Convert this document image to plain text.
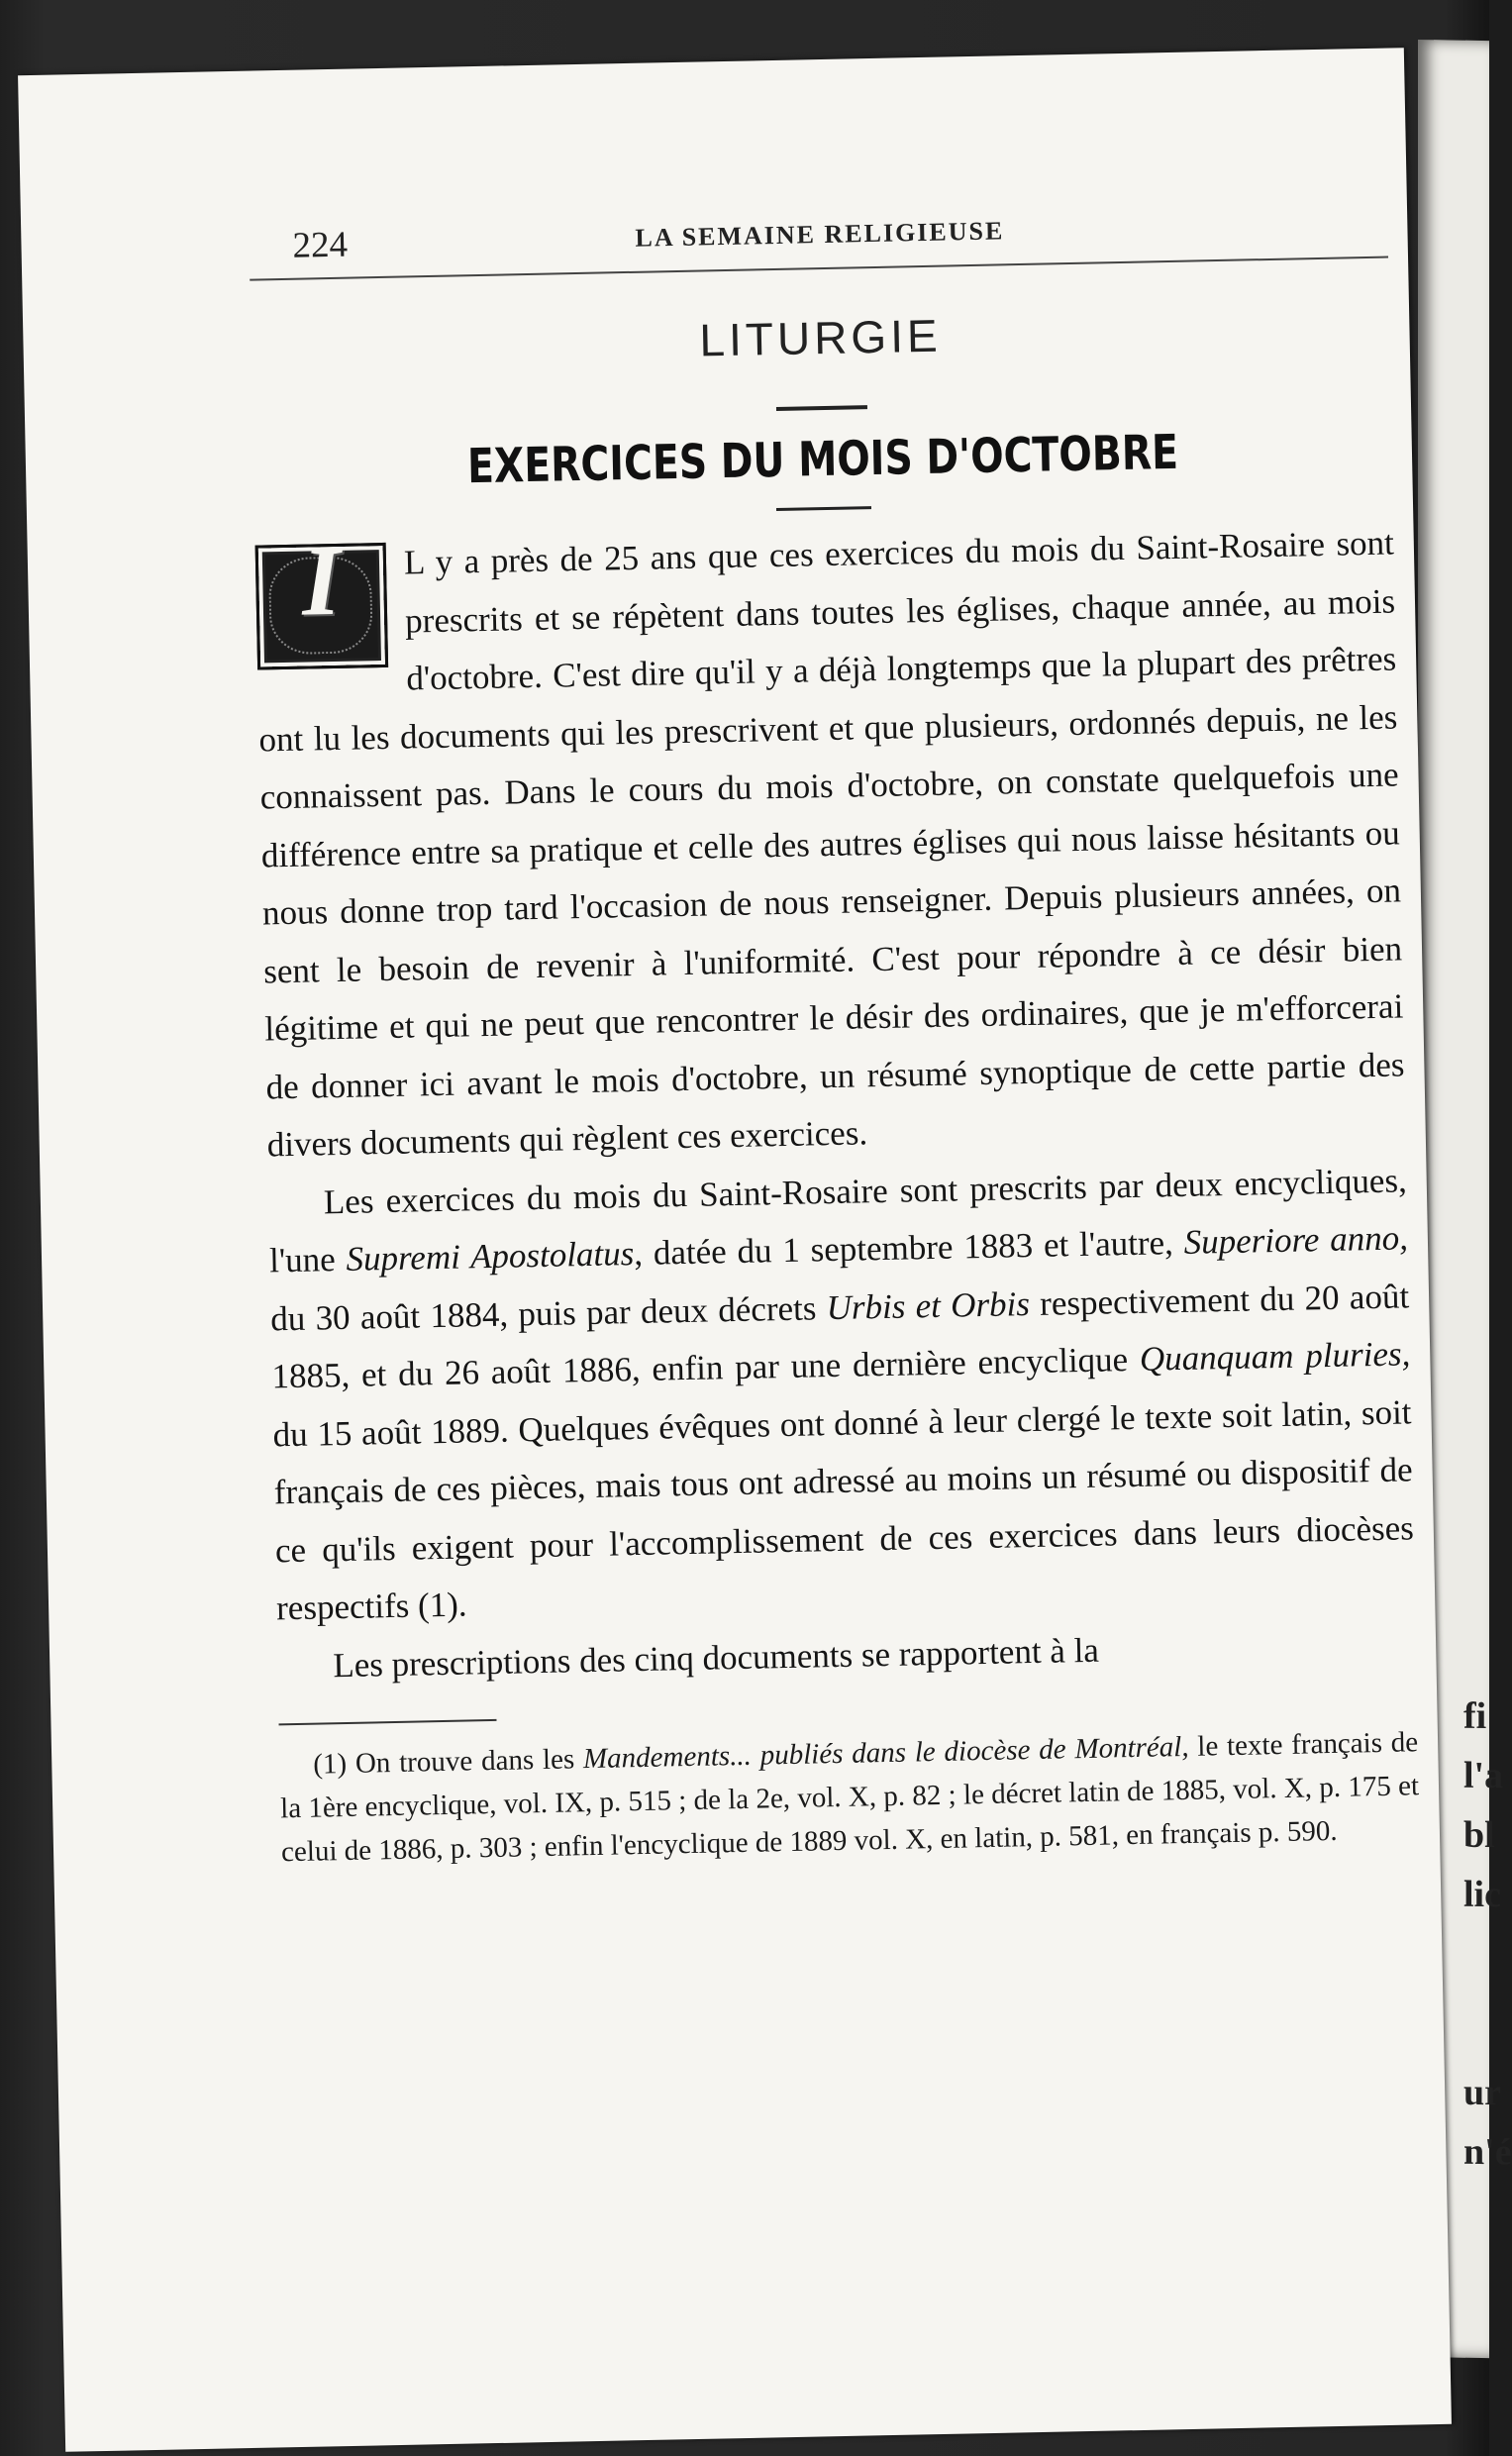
fi
l'a
bl
lic
ur
n'é
224	LA SEMAINE RELIGIEUSE
LITURGIE
EXERCICES DU MOIS D'OCTOBRE

I	L y a près de 25 ans que ces exercices du mois du Saint-Rosaire sont prescrits et se répètent dans toutes les églises, chaque année, au mois d'octobre. C'est dire qu'il y a déjà longtemps que la plupart des prêtres ont lu les documents qui les prescrivent et que plusieurs, ordonnés depuis, ne les connaissent pas. Dans le cours du mois d'octobre, on constate quelquefois une différence entre sa pratique et celle des autres églises qui nous laisse hésitants ou nous donne trop tard l'occasion de nous renseigner. Depuis plusieurs années, on sent le besoin de revenir à l'uniformité. C'est pour répondre à ce désir bien légitime et qui ne peut que rencontrer le désir des ordinaires, que je m'efforcerai de donner ici avant le mois d'octobre, un résumé synoptique de cette partie des divers documents qui règlent ces exercices.

Les exercices du mois du Saint-Rosaire sont prescrits par deux encycliques, l'une Supremi Apostolatus, datée du 1 septembre 1883 et l'autre, Superiore anno, du 30 août 1884, puis par deux décrets Urbis et Orbis respectivement du 20 août 1885, et du 26 août 1886, enfin par une dernière encyclique Quanquam pluries, du 15 août 1889. Quelques évêques ont donné à leur clergé le texte soit latin, soit français de ces pièces, mais tous ont adressé au moins un résumé ou dispositif de ce qu'ils exigent pour l'accomplissement de ces exercices dans leurs diocèses respectifs (1).

Les prescriptions des cinq documents se rapportent à la

(1) On trouve dans les Mandements... publiés dans le diocèse de Montréal, le texte français de la 1ère encyclique, vol. IX, p. 515 ; de la 2e, vol. X, p. 82 ; le décret latin de 1885, vol. X, p. 175 et celui de 1886, p. 303 ; enfin l'encyclique de 1889 vol. X, en latin, p. 581, en français p. 590.
